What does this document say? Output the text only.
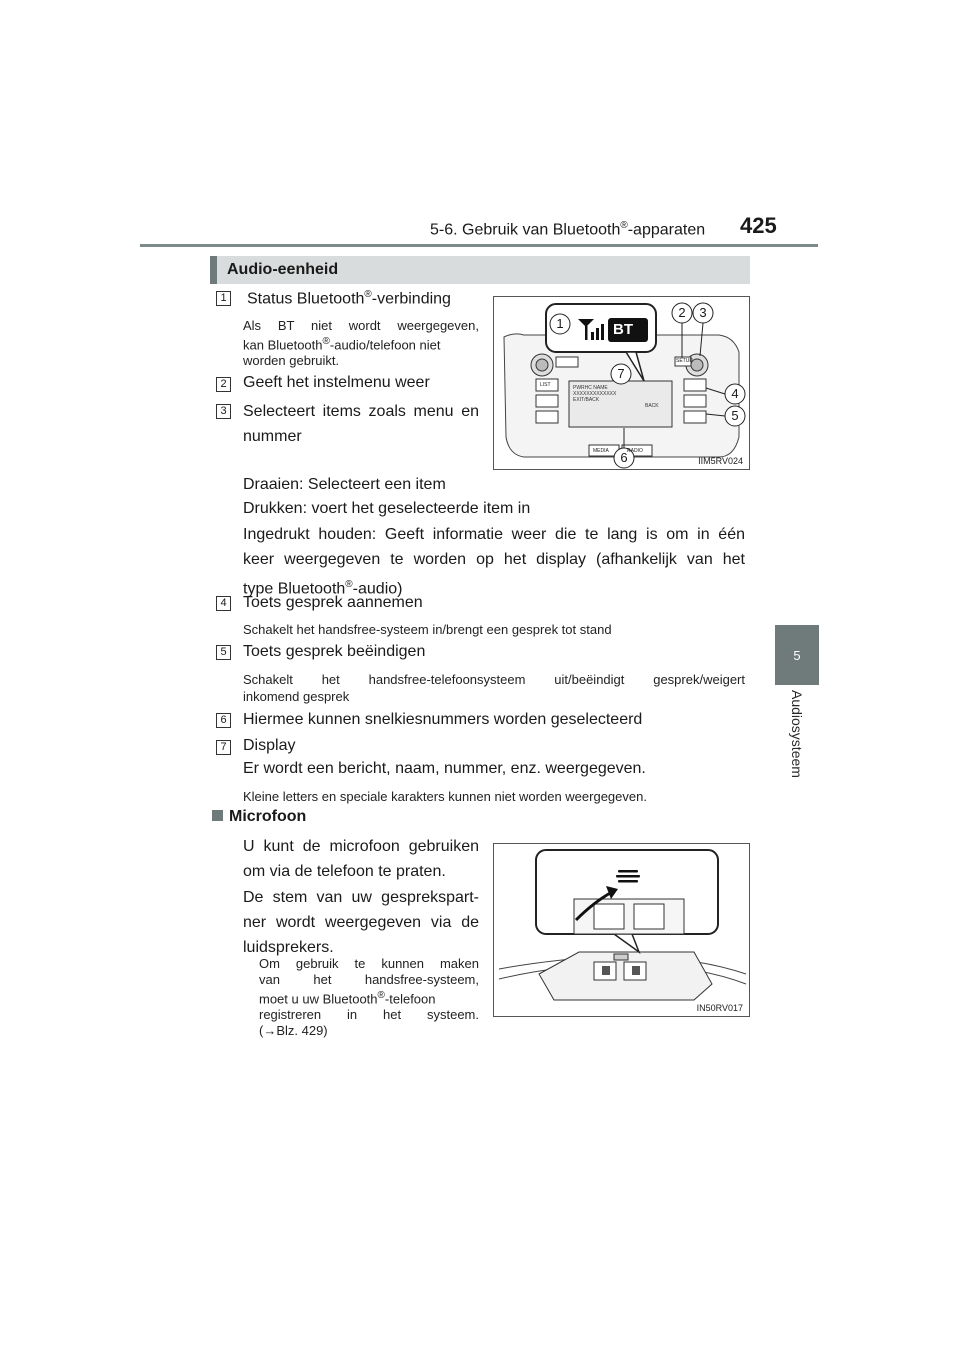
5-6. Gebruik van Bluetooth®-apparaten 425
5
Audiosysteem
Audio-eenheid
1 Status Bluetooth®-verbinding
Als BT niet wordt weergegeven,
kan Bluetooth®-audio/telefoon niet
worden gebruikt.
2 Geeft het instelmenu weer
3 Selecteert items zoals menu en
nummer
Draaien: Selecteert een item
Drukken: voert het geselecteerde item in
Ingedrukt houden: Geeft informatie weer die te lang is om in één
keer weergegeven te worden op het display (afhankelijk van het
type Bluetooth®-audio)
4 Toets gesprek aannemen
Schakelt het handsfree-systeem in/brengt een gesprek tot stand
5 Toets gesprek beëindigen
Schakelt het handsfree-telefoonsysteem uit/beëindigt gesprek/weigert
inkomend gesprek
6 Hiermee kunnen snelkiesnummers worden geselecteerd
7 Display
Er wordt een bericht, naam, nummer, enz. weergegeven.
Kleine letters en speciale karakters kunnen niet worden weergegeven.
Microfoon
U kunt de microfoon gebruiken
om via de telefoon te praten.
De stem van uw gesprekspart-
ner wordt weergegeven via de
luidsprekers.
Om gebruik te kunnen maken
van het handsfree-systeem,
moet u uw Bluetooth®-telefoon
registreren in het systeem.
(→Blz. 429)
PWRHC NAME
XXXXXXXXXXXXX
EXIT/BACK
BACK
LIST
SETUP
MEDIA	RADIO
BT
1
2 3
4
5
6
7
IIM5RV024
IN50RV017
